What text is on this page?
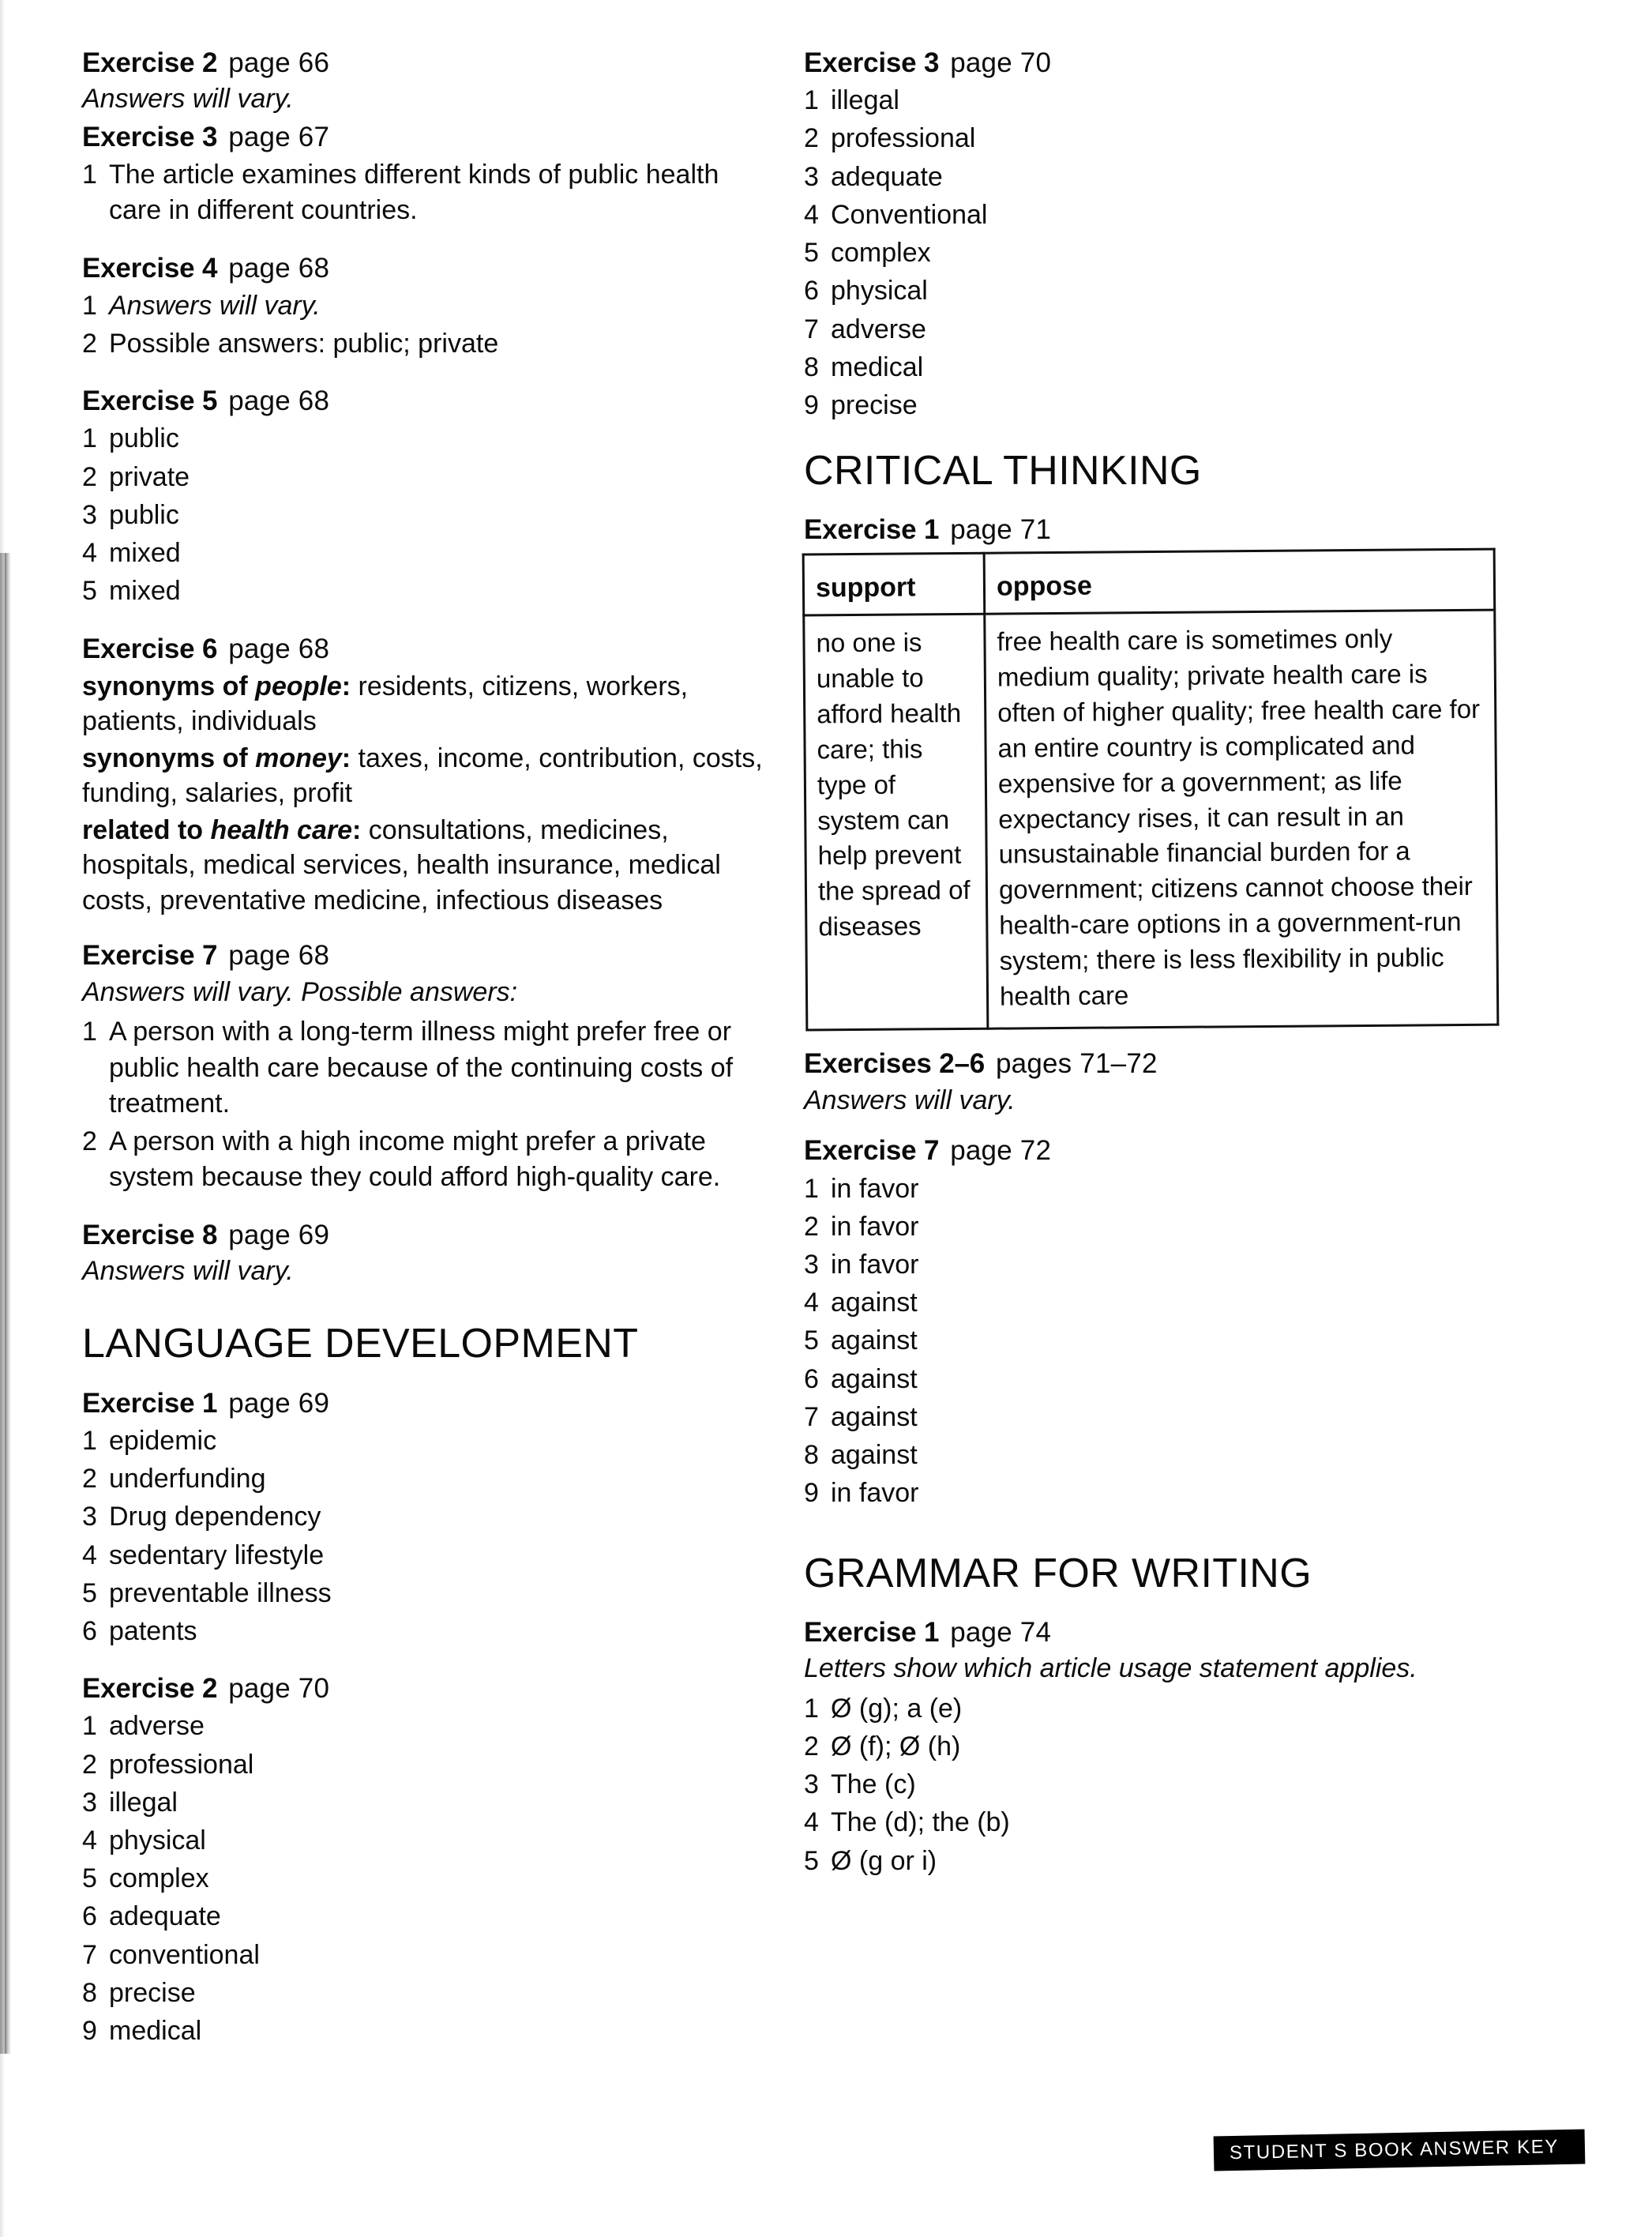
Exercise 2 page 66

Answers will vary.

Exercise 3 page 67

1 The article examines different kinds of public health care in different countries.

Exercise 4 page 68

1 Answers will vary.
2 Possible answers: public; private

Exercise 5 page 68

1 public
2 private
3 public
4 mixed
5 mixed

Exercise 6 page 68

synonyms of people: residents, citizens, workers, patients, individuals

synonyms of money: taxes, income, contribution, costs, funding, salaries, profit

related to health care: consultations, medicines, hospitals, medical services, health insurance, medical costs, preventative medicine, infectious diseases

Exercise 7 page 68

Answers will vary. Possible answers:

1 A person with a long-term illness might prefer free or public health care because of the continuing costs of treatment.
2 A person with a high income might prefer a private system because they could afford high-quality care.

Exercise 8 page 69

Answers will vary.

LANGUAGE DEVELOPMENT

Exercise 1 page 69

1 epidemic
2 underfunding
3 Drug dependency
4 sedentary lifestyle
5 preventable illness
6 patents

Exercise 2 page 70

1 adverse
2 professional
3 illegal
4 physical
5 complex
6 adequate
7 conventional
8 precise
9 medical

Exercise 3 page 70

1 illegal
2 professional
3 adequate
4 Conventional
5 complex
6 physical
7 adverse
8 medical
9 precise
CRITICAL THINKING

Exercise 1 page 71

support	oppose
no one is unable to afford health care; this type of system can help prevent the spread of diseases	free health care is sometimes only medium quality; private health care is often of higher quality; free health care for an entire country is complicated and expensive for a government; as life expectancy rises, it can result in an unsustainable financial burden for a government; citizens cannot choose their health-care options in a government-run system; there is less flexibility in public health care

Exercises 2–6 pages 71–72

Answers will vary.

Exercise 7 page 72

1 in favor
2 in favor
3 in favor
4 against
5 against
6 against
7 against
8 against
9 in favor
GRAMMAR FOR WRITING

Exercise 1 page 74

Letters show which article usage statement applies.

1 Ø (g); a (e)
2 Ø (f); Ø (h)
3 The (c)
4 The (d); the (b)
5 Ø (g or i)
STUDENT S BOOK ANSWER KEY 23
